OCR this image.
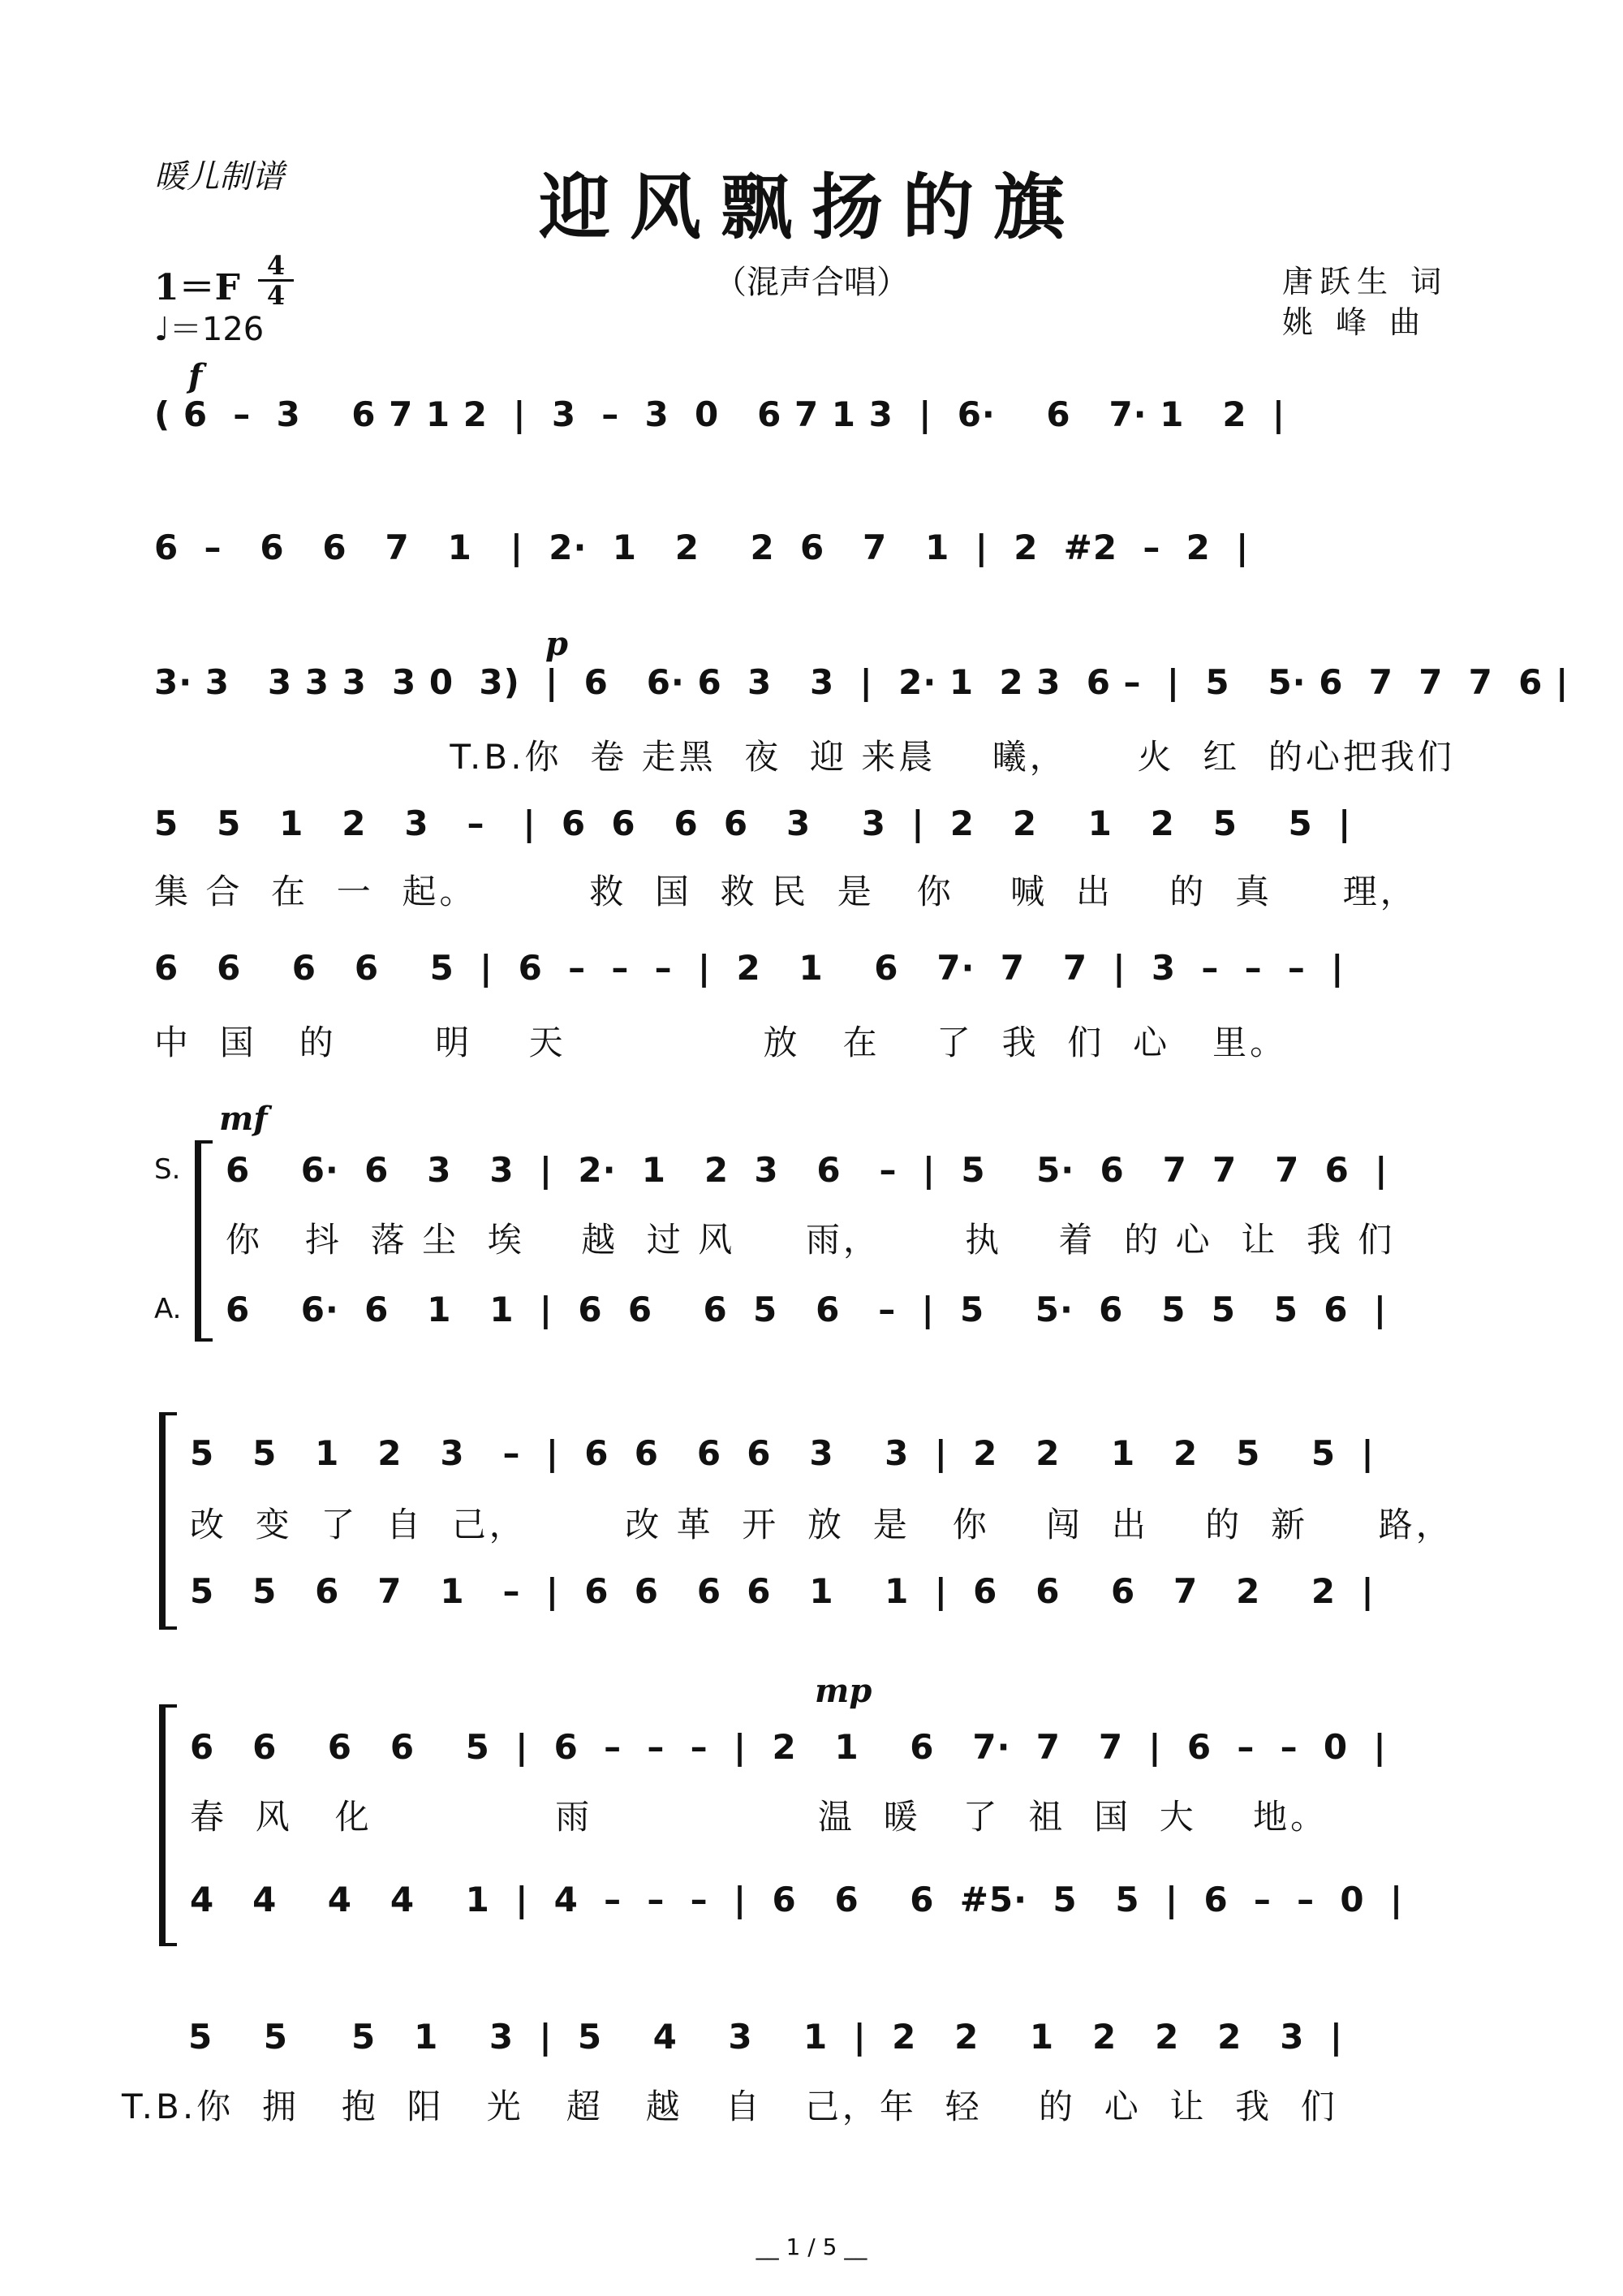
暖儿制谱	迎风飘扬的旗
（混声合唱）
1＝F
4
4
♩＝126
唐跃生 词
姚 峰 曲
f
( 6  –  3    6 7 1 2  |  3  –  3  0   6 7 1 3  |  6·    6   7· 1   2  |
6  –   6   6   7   1   |  2·  1   2    2  6   7   1  |  2  #2  –  2  |
p
3· 3   3 3 3  3 0  3)  |  6   6· 6  3   3  |  2· 1  2 3  6 –  |  5   5· 6  7  7  7  6 |
T.B.你  卷 走黑  夜  迎 来晨    曦，     火  红  的心把我们
5   5   1   2   3   –   |  6  6   6  6   3    3  |  2   2    1   2   5    5  |
集 合  在  一  起。        救  国  救 民  是   你    喊  出    的  真     理，
6   6    6   6    5  |  6  –  –  –  |  2   1    6   7·  7   7  |  3  –  –  –  |
中  国   的       明    天              放   在    了  我  们  心   里。
mf
S.
A.
6    6·  6   3   3  |  2·  1   2  3   6   –  |  5    5·  6   7  7   7  6  |
你   抖  落 尘  埃    越  过 风     雨，      执    着  的 心  让  我 们
6    6·  6   1   1  |  6  6    6  5   6   –  |  5    5·  6   5  5   5  6  |
5   5   1   2   3   –  |  6  6   6  6   3    3  |  2   2    1   2   5    5  |
改  变  了  自  己，       改 革  开  放  是   你    闯  出    的  新     路，
5   5   6   7   1   –  |  6  6   6  6   1    1  |  6   6    6   7   2    2  |
mp
6   6    6   6    5  |  6  –  –  –  |  2   1    6   7·  7   7  |  6  –  –  0  |
春  风   化             雨                温  暖   了  祖  国  大    地。
4   4    4   4    1  |  4  –  –  –  |  6   6    6  #5·  5   5  |  6  –  –  0  |
5    5     5   1    3  |  5    4    3    1  |  2   2    1   2   2   2   3  |
T.B.你  拥   抱  阳   光   超   越   自   己，年  轻    的  心  让  我  们
__ 1 / 5 __
